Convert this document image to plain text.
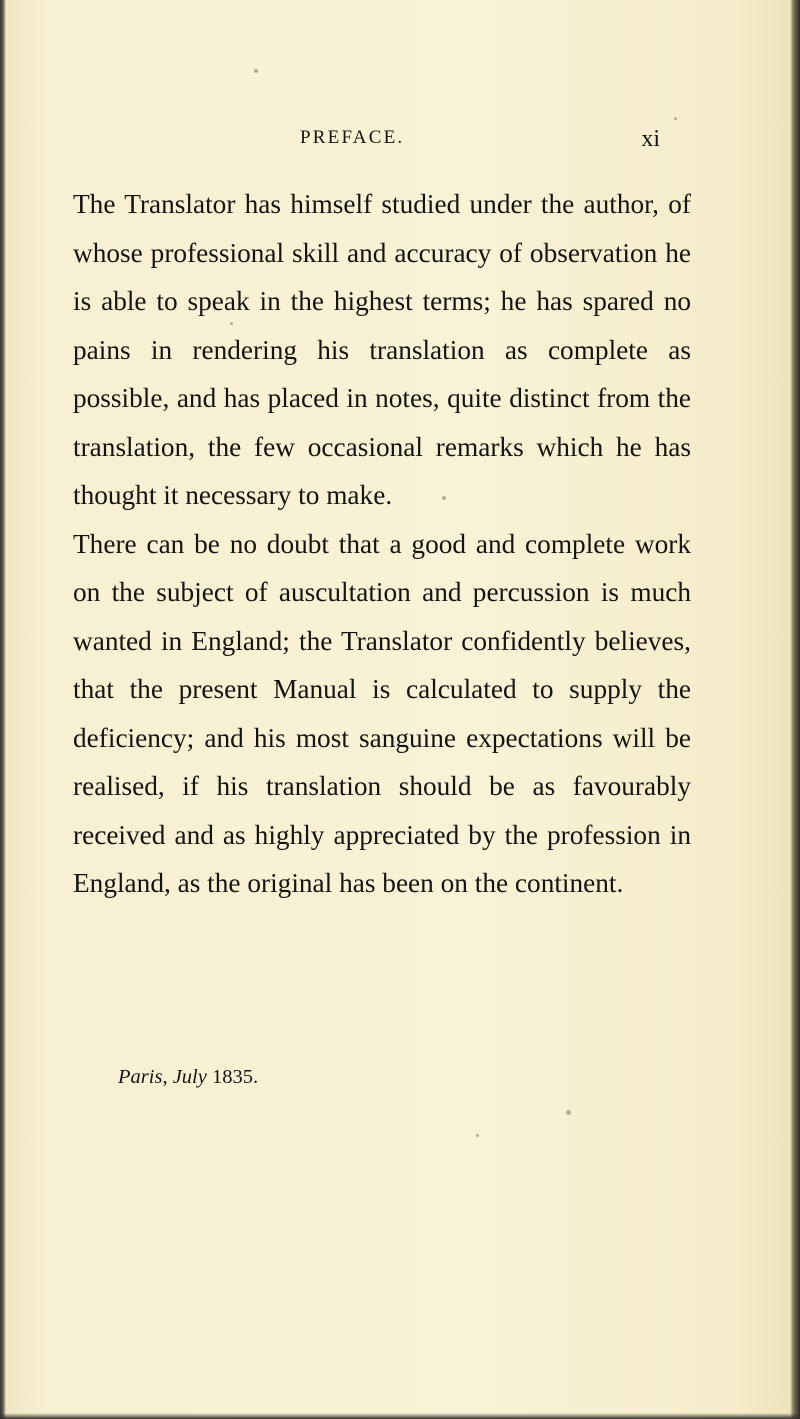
PREFACE.	xi

The Translator has himself studied under the author, of whose professional skill and accuracy of observation he is able to speak in the highest terms; he has spared no pains in rendering his translation as complete as possible, and has placed in notes, quite distinct from the translation, the few occasional remarks which he has thought it necessary to make.

There can be no doubt that a good and complete work on the subject of auscultation and percussion is much wanted in England; the Translator confidently believes, that the present Manual is calculated to supply the deficiency; and his most sanguine expectations will be realised, if his translation should be as favourably received and as highly appreciated by the profession in England, as the original has been on the continent.

Paris, July 1835.
